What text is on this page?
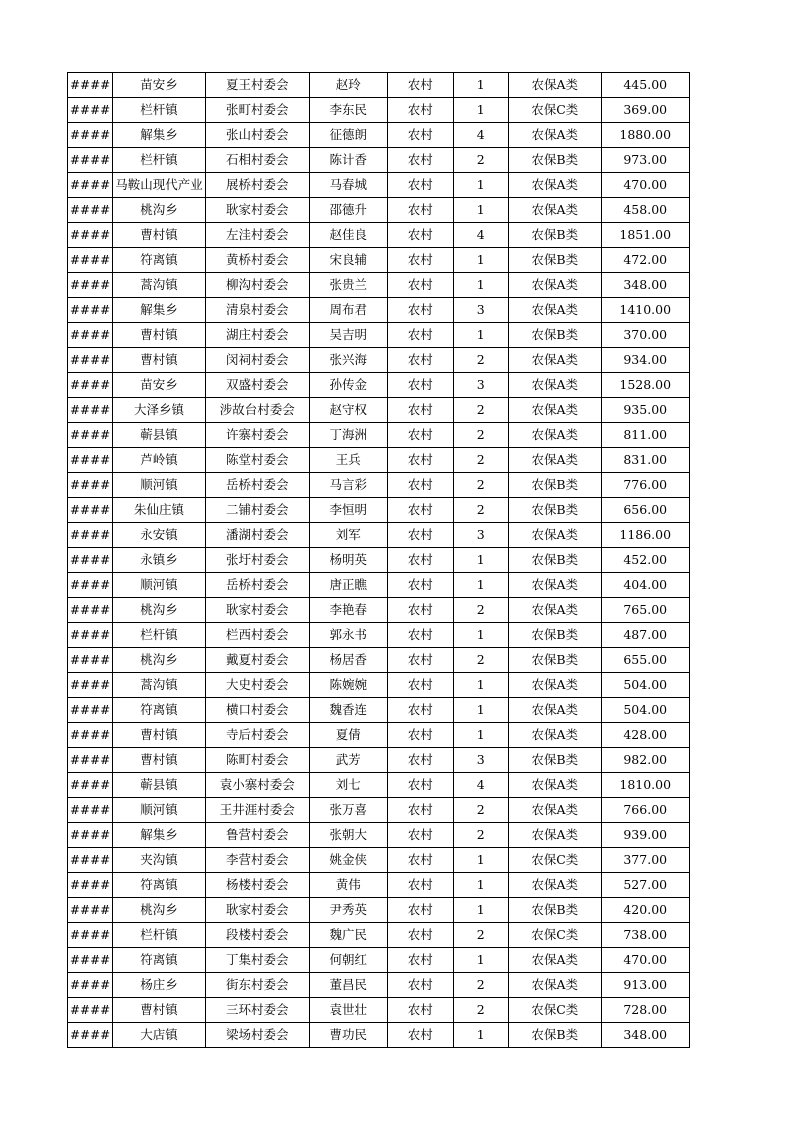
####	苗安乡	夏王村委会	赵玲	农村	1	农保A类	445.00
####	栏杆镇	张町村委会	李东民	农村	1	农保C类	369.00
####	解集乡	张山村委会	征德朗	农村	4	农保A类	1880.00
####	栏杆镇	石相村委会	陈计香	农村	2	农保B类	973.00
####	马鞍山现代产业	展桥村委会	马春城	农村	1	农保A类	470.00
####	桃沟乡	耿家村委会	邵德升	农村	1	农保A类	458.00
####	曹村镇	左洼村委会	赵佳良	农村	4	农保B类	1851.00
####	符离镇	黄桥村委会	宋良辅	农村	1	农保B类	472.00
####	蒿沟镇	柳沟村委会	张贵兰	农村	1	农保A类	348.00
####	解集乡	清泉村委会	周布君	农村	3	农保A类	1410.00
####	曹村镇	湖庄村委会	吴吉明	农村	1	农保B类	370.00
####	曹村镇	闵祠村委会	张兴海	农村	2	农保A类	934.00
####	苗安乡	双盛村委会	孙传金	农村	3	农保A类	1528.00
####	大泽乡镇	涉故台村委会	赵守权	农村	2	农保A类	935.00
####	蕲县镇	许寨村委会	丁海洲	农村	2	农保A类	811.00
####	芦岭镇	陈堂村委会	王兵	农村	2	农保A类	831.00
####	顺河镇	岳桥村委会	马言彩	农村	2	农保B类	776.00
####	朱仙庄镇	二铺村委会	李恒明	农村	2	农保B类	656.00
####	永安镇	潘湖村委会	刘军	农村	3	农保A类	1186.00
####	永镇乡	张圩村委会	杨明英	农村	1	农保B类	452.00
####	顺河镇	岳桥村委会	唐正瞧	农村	1	农保A类	404.00
####	桃沟乡	耿家村委会	李艳春	农村	2	农保A类	765.00
####	栏杆镇	栏西村委会	郭永书	农村	1	农保B类	487.00
####	桃沟乡	戴夏村委会	杨居香	农村	2	农保B类	655.00
####	蒿沟镇	大史村委会	陈婉婉	农村	1	农保A类	504.00
####	符离镇	横口村委会	魏香连	农村	1	农保A类	504.00
####	曹村镇	寺后村委会	夏倩	农村	1	农保A类	428.00
####	曹村镇	陈町村委会	武芳	农村	3	农保B类	982.00
####	蕲县镇	袁小寨村委会	刘七	农村	4	农保A类	1810.00
####	顺河镇	王井涯村委会	张万喜	农村	2	农保A类	766.00
####	解集乡	鲁营村委会	张朝大	农村	2	农保A类	939.00
####	夹沟镇	李营村委会	姚金侠	农村	1	农保C类	377.00
####	符离镇	杨楼村委会	黄伟	农村	1	农保A类	527.00
####	桃沟乡	耿家村委会	尹秀英	农村	1	农保B类	420.00
####	栏杆镇	段楼村委会	魏广民	农村	2	农保C类	738.00
####	符离镇	丁集村委会	何朝红	农村	1	农保A类	470.00
####	杨庄乡	街东村委会	董昌民	农村	2	农保A类	913.00
####	曹村镇	三环村委会	袁世壮	农村	2	农保C类	728.00
####	大店镇	梁场村委会	曹功民	农村	1	农保B类	348.00
